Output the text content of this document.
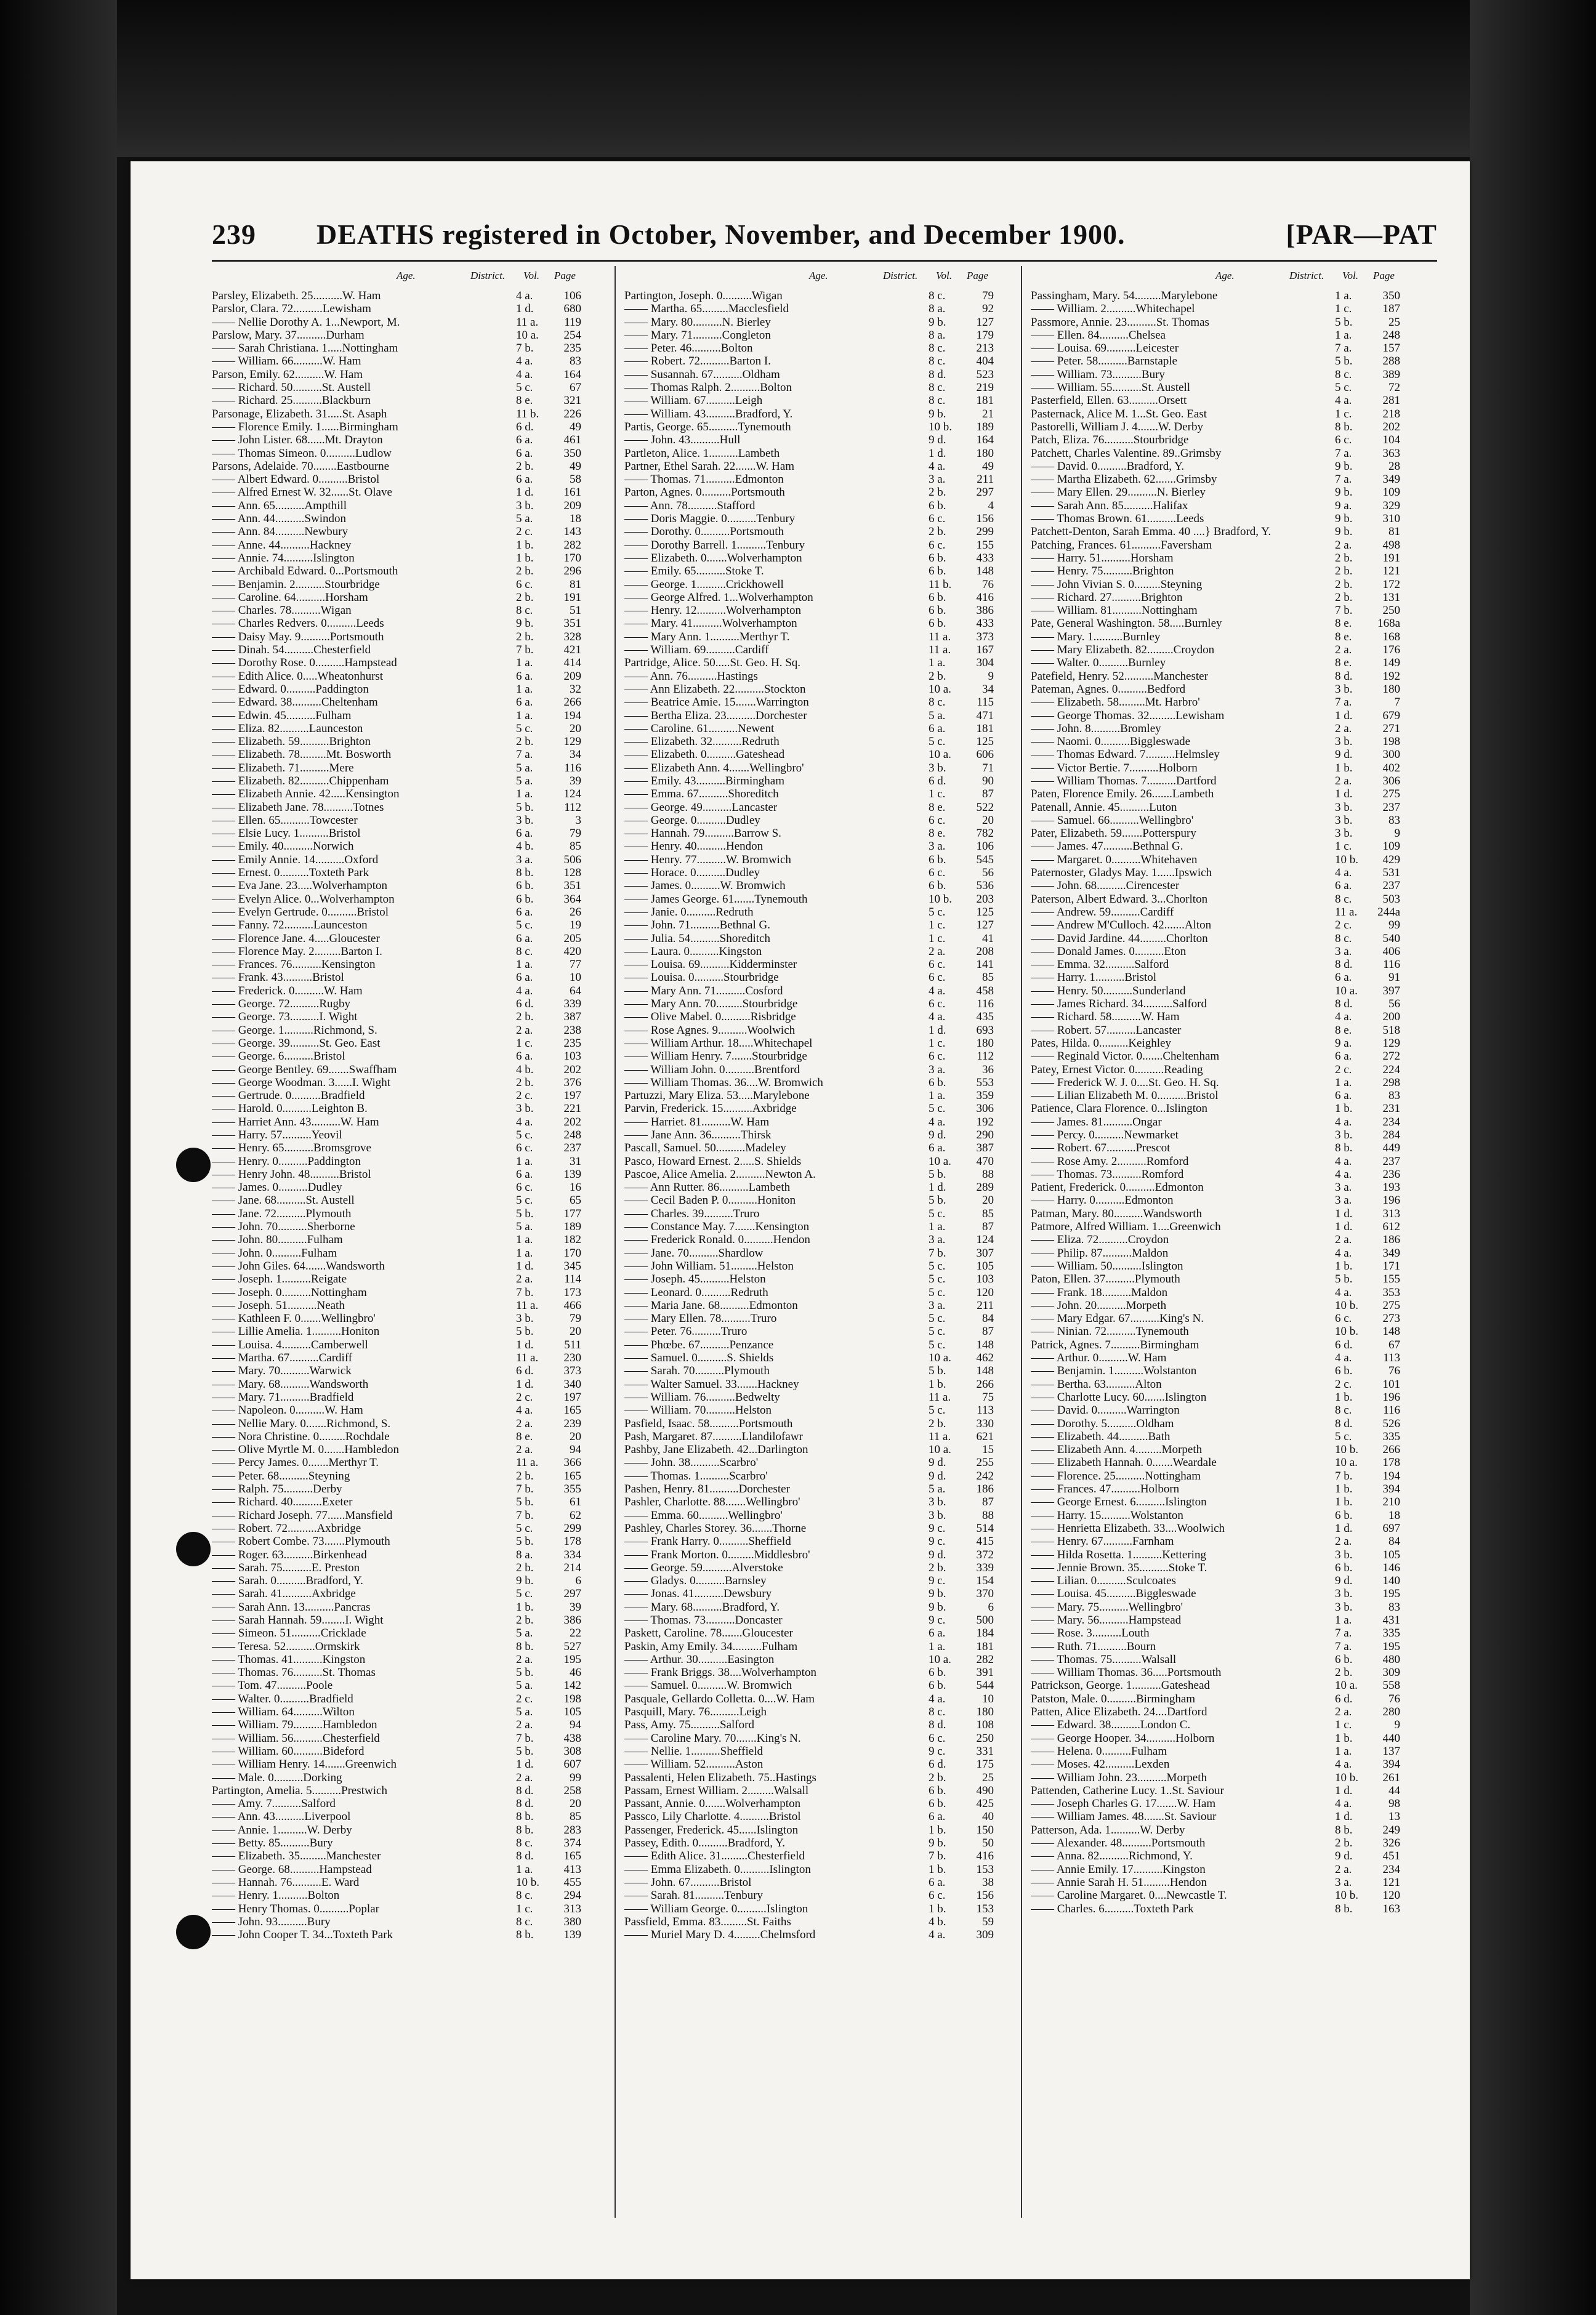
239 DEATHS registered in October, November, and December 1900.	[PAR—PAT
Age.	District. Vol. Page
Parsley, Elizabeth. 25..........W. Ham	4 a.	106
Parslor, Clara. 72..........Lewisham	1 d.	680
—— Nellie Dorothy A. 1...Newport, M.	11 a.	119
Parslow, Mary. 37..........Durham	10 a.	254
—— Sarah Christiana. 1.....Nottingham	7 b.	235
—— William. 66..........W. Ham	4 a.	83
Parson, Emily. 62..........W. Ham	4 a.	164
—— Richard. 50..........St. Austell	5 c.	67
—— Richard. 25..........Blackburn	8 e.	321
Parsonage, Elizabeth. 31.....St. Asaph	11 b.	226
—— Florence Emily. 1......Birmingham	6 d.	49
—— John Lister. 68......Mt. Drayton	6 a.	461
—— Thomas Simeon. 0..........Ludlow	6 a.	350
Parsons, Adelaide. 70........Eastbourne	2 b.	49
—— Albert Edward. 0..........Bristol	6 a.	58
—— Alfred Ernest W. 32......St. Olave	1 d.	161
—— Ann. 65..........Ampthill	3 b.	209
—— Ann. 44..........Swindon	5 a.	18
—— Ann. 84..........Newbury	2 c.	143
—— Anne. 44..........Hackney	1 b.	282
—— Annie. 74..........Islington	1 b.	170
—— Archibald Edward. 0...Portsmouth	2 b.	296
—— Benjamin. 2..........Stourbridge	6 c.	81
—— Caroline. 64..........Horsham	2 b.	191
—— Charles. 78..........Wigan	8 c.	51
—— Charles Redvers. 0..........Leeds	9 b.	351
—— Daisy May. 9..........Portsmouth	2 b.	328
—— Dinah. 54..........Chesterfield	7 b.	421
—— Dorothy Rose. 0..........Hampstead	1 a.	414
—— Edith Alice. 0.....Wheatonhurst	6 a.	209
—— Edward. 0..........Paddington	1 a.	32
—— Edward. 38..........Cheltenham	6 a.	266
—— Edwin. 45..........Fulham	1 a.	194
—— Eliza. 82..........Launceston	5 c.	20
—— Elizabeth. 59..........Brighton	2 b.	129
—— Elizabeth. 78.........Mt. Bosworth	7 a.	34
—— Elizabeth. 71..........Mere	5 a.	116
—— Elizabeth. 82..........Chippenham	5 a.	39
—— Elizabeth Annie. 42.....Kensington	1 a.	124
—— Elizabeth Jane. 78..........Totnes	5 b.	112
—— Ellen. 65..........Towcester	3 b.	3
—— Elsie Lucy. 1..........Bristol	6 a.	79
—— Emily. 40..........Norwich	4 b.	85
—— Emily Annie. 14..........Oxford	3 a.	506
—— Ernest. 0..........Toxteth Park	8 b.	128
—— Eva Jane. 23.....Wolverhampton	6 b.	351
—— Evelyn Alice. 0...Wolverhampton	6 b.	364
—— Evelyn Gertrude. 0..........Bristol	6 a.	26
—— Fanny. 72..........Launceston	5 c.	19
—— Florence Jane. 4.....Gloucester	6 a.	205
—— Florence May. 2.........Barton I.	8 c.	420
—— Frances. 76..........Kensington	1 a.	77
—— Frank. 43..........Bristol	6 a.	10
—— Frederick. 0..........W. Ham	4 a.	64
—— George. 72..........Rugby	6 d.	339
—— George. 73..........I. Wight	2 b.	387
—— George. 1..........Richmond, S.	2 a.	238
—— George. 39..........St. Geo. East	1 c.	235
—— George. 6..........Bristol	6 a.	103
—— George Bentley. 69.......Swaffham	4 b.	202
—— George Woodman. 3......I. Wight	2 b.	376
—— Gertrude. 0..........Bradfield	2 c.	197
—— Harold. 0..........Leighton B.	3 b.	221
—— Harriet Ann. 43..........W. Ham	4 a.	202
—— Harry. 57..........Yeovil	5 c.	248
—— Henry. 65..........Bromsgrove	6 c.	237
—— Henry. 0..........Paddington	1 a.	31
—— Henry John. 48..........Bristol	6 a.	139
—— James. 0..........Dudley	6 c.	16
—— Jane. 68..........St. Austell	5 c.	65
—— Jane. 72..........Plymouth	5 b.	177
—— John. 70..........Sherborne	5 a.	189
—— John. 80..........Fulham	1 a.	182
—— John. 0..........Fulham	1 a.	170
—— John Giles. 64.......Wandsworth	1 d.	345
—— Joseph. 1..........Reigate	2 a.	114
—— Joseph. 0..........Nottingham	7 b.	173
—— Joseph. 51..........Neath	11 a.	466
—— Kathleen F. 0.......Wellingbro'	3 b.	79
—— Lillie Amelia. 1..........Honiton	5 b.	20
—— Louisa. 4..........Camberwell	1 d.	511
—— Martha. 67..........Cardiff	11 a.	230
—— Mary. 70..........Warwick	6 d.	373
—— Mary. 68..........Wandsworth	1 d.	340
—— Mary. 71..........Bradfield	2 c.	197
—— Napoleon. 0..........W. Ham	4 a.	165
—— Nellie Mary. 0.......Richmond, S.	2 a.	239
—— Nora Christine. 0.........Rochdale	8 e.	20
—— Olive Myrtle M. 0.......Hambledon	2 a.	94
—— Percy James. 0.......Merthyr T.	11 a.	366
—— Peter. 68..........Steyning	2 b.	165
—— Ralph. 75..........Derby	7 b.	355
—— Richard. 40..........Exeter	5 b.	61
—— Richard Joseph. 77......Mansfield	7 b.	62
—— Robert. 72..........Axbridge	5 c.	299
—— Robert Combe. 73.......Plymouth	5 b.	178
—— Roger. 63..........Birkenhead	8 a.	334
—— Sarah. 75..........E. Preston	2 b.	214
—— Sarah. 0..........Bradford, Y.	9 b.	6
—— Sarah. 41..........Axbridge	5 c.	297
—— Sarah Ann. 13..........Pancras	1 b.	39
—— Sarah Hannah. 59........I. Wight	2 b.	386
—— Simeon. 51..........Cricklade	5 a.	22
—— Teresa. 52..........Ormskirk	8 b.	527
—— Thomas. 41..........Kingston	2 a.	195
—— Thomas. 76..........St. Thomas	5 b.	46
—— Tom. 47..........Poole	5 a.	142
—— Walter. 0..........Bradfield	2 c.	198
—— William. 64..........Wilton	5 a.	105
—— William. 79..........Hambledon	2 a.	94
—— William. 56..........Chesterfield	7 b.	438
—— William. 60..........Bideford	5 b.	308
—— William Henry. 14.......Greenwich	1 d.	607
—— Male. 0..........Dorking	2 a.	99
Partington, Amelia. 5..........Prestwich	8 d.	258
—— Amy. 7..........Salford	8 d.	20
—— Ann. 43..........Liverpool	8 b.	85
—— Annie. 1..........W. Derby	8 b.	283
—— Betty. 85..........Bury	8 c.	374
—— Elizabeth. 35.........Manchester	8 d.	165
—— George. 68..........Hampstead	1 a.	413
—— Hannah. 76..........E. Ward	10 b.	455
—— Henry. 1..........Bolton	8 c.	294
—— Henry Thomas. 0..........Poplar	1 c.	313
—— John. 93..........Bury	8 c.	380
—— John Cooper T. 34...Toxteth Park	8 b.	139
Age.	District. Vol. Page
Partington, Joseph. 0..........Wigan	8 c.	79
—— Martha. 65.........Macclesfield	8 a.	92
—— Mary. 80..........N. Bierley	9 b.	127
—— Mary. 71..........Congleton	8 a.	179
—— Peter. 46..........Bolton	8 c.	213
—— Robert. 72..........Barton I.	8 c.	404
—— Susannah. 67..........Oldham	8 d.	523
—— Thomas Ralph. 2..........Bolton	8 c.	219
—— William. 67..........Leigh	8 c.	181
—— William. 43..........Bradford, Y.	9 b.	21
Partis, George. 65..........Tynemouth	10 b.	189
—— John. 43..........Hull	9 d.	164
Partleton, Alice. 1..........Lambeth	1 d.	180
Partner, Ethel Sarah. 22.......W. Ham	4 a.	49
—— Thomas. 71..........Edmonton	3 a.	211
Parton, Agnes. 0..........Portsmouth	2 b.	297
—— Ann. 78..........Stafford	6 b.	4
—— Doris Maggie. 0..........Tenbury	6 c.	156
—— Dorothy. 0..........Portsmouth	2 b.	299
—— Dorothy Barrell. 1..........Tenbury	6 c.	155
—— Elizabeth. 0.......Wolverhampton	6 b.	433
—— Emily. 65..........Stoke T.	6 b.	148
—— George. 1..........Crickhowell	11 b.	76
—— George Alfred. 1...Wolverhampton	6 b.	416
—— Henry. 12..........Wolverhampton	6 b.	386
—— Mary. 41..........Wolverhampton	6 b.	433
—— Mary Ann. 1..........Merthyr T.	11 a.	373
—— William. 69..........Cardiff	11 a.	167
Partridge, Alice. 50.....St. Geo. H. Sq.	1 a.	304
—— Ann. 76..........Hastings	2 b.	9
—— Ann Elizabeth. 22..........Stockton	10 a.	34
—— Beatrice Amie. 15.......Warrington	8 c.	115
—— Bertha Eliza. 23..........Dorchester	5 a.	471
—— Caroline. 61..........Newent	6 a.	181
—— Elizabeth. 32..........Redruth	5 c.	125
—— Elizabeth. 0..........Gateshead	10 a.	606
—— Elizabeth Ann. 4.......Wellingbro'	3 b.	71
—— Emily. 43..........Birmingham	6 d.	90
—— Emma. 67..........Shoreditch	1 c.	87
—— George. 49..........Lancaster	8 e.	522
—— George. 0..........Dudley	6 c.	20
—— Hannah. 79..........Barrow S.	8 e.	782
—— Henry. 40..........Hendon	3 a.	106
—— Henry. 77..........W. Bromwich	6 b.	545
—— Horace. 0..........Dudley	6 c.	56
—— James. 0..........W. Bromwich	6 b.	536
—— James George. 61.......Tynemouth	10 b.	203
—— Janie. 0..........Redruth	5 c.	125
—— John. 71..........Bethnal G.	1 c.	127
—— Julia. 54..........Shoreditch	1 c.	41
—— Laura. 0..........Kingston	2 a.	208
—— Louisa. 69..........Kidderminster	6 c.	141
—— Louisa. 0..........Stourbridge	6 c.	85
—— Mary Ann. 71..........Cosford	4 a.	458
—— Mary Ann. 70.........Stourbridge	6 c.	116
—— Olive Mabel. 0..........Risbridge	4 a.	435
—— Rose Agnes. 9..........Woolwich	1 d.	693
—— William Arthur. 18.....Whitechapel	1 c.	180
—— William Henry. 7.......Stourbridge	6 c.	112
—— William John. 0..........Brentford	3 a.	36
—— William Thomas. 36....W. Bromwich	6 b.	553
Partuzzi, Mary Eliza. 53.....Marylebone	1 a.	359
Parvin, Frederick. 15..........Axbridge	5 c.	306
—— Harriet. 81..........W. Ham	4 a.	192
—— Jane Ann. 36..........Thirsk	9 d.	290
Pascall, Samuel. 50..........Madeley	6 a.	387
Pasco, Howard Ernest. 2.....S. Shields	10 a.	470
Pascoe, Alice Amelia. 2..........Newton A.	5 b.	88
—— Ann Rutter. 86..........Lambeth	1 d.	289
—— Cecil Baden P. 0..........Honiton	5 b.	20
—— Charles. 39..........Truro	5 c.	85
—— Constance May. 7.......Kensington	1 a.	87
—— Frederick Ronald. 0..........Hendon	3 a.	124
—— Jane. 70..........Shardlow	7 b.	307
—— John William. 51.........Helston	5 c.	105
—— Joseph. 45..........Helston	5 c.	103
—— Leonard. 0..........Redruth	5 c.	120
—— Maria Jane. 68..........Edmonton	3 a.	211
—— Mary Ellen. 78..........Truro	5 c.	84
—— Peter. 76..........Truro	5 c.	87
—— Phœbe. 67..........Penzance	5 c.	148
—— Samuel. 0..........S. Shields	10 a.	462
—— Sarah. 70..........Plymouth	5 b.	148
—— Walter Samuel. 33.......Hackney	1 b.	266
—— William. 76..........Bedwelty	11 a.	75
—— William. 70..........Helston	5 c.	113
Pasfield, Isaac. 58..........Portsmouth	2 b.	330
Pash, Margaret. 87..........Llandilofawr	11 a.	621
Pashby, Jane Elizabeth. 42...Darlington	10 a.	15
—— John. 38..........Scarbro'	9 d.	255
—— Thomas. 1..........Scarbro'	9 d.	242
Pashen, Henry. 81..........Dorchester	5 a.	186
Pashler, Charlotte. 88.......Wellingbro'	3 b.	87
—— Emma. 60..........Wellingbro'	3 b.	88
Pashley, Charles Storey. 36.......Thorne	9 c.	514
—— Frank Harry. 0..........Sheffield	9 c.	415
—— Frank Morton. 0.........Middlesbro'	9 d.	372
—— George. 59..........Alverstoke	2 b.	339
—— Gladys. 0..........Barnsley	9 c.	154
—— Jonas. 41..........Dewsbury	9 b.	370
—— Mary. 68..........Bradford, Y.	9 b.	6
—— Thomas. 73..........Doncaster	9 c.	500
Paskett, Caroline. 78.......Gloucester	6 a.	184
Paskin, Amy Emily. 34..........Fulham	1 a.	181
—— Arthur. 30..........Easington	10 a.	282
—— Frank Briggs. 38....Wolverhampton	6 b.	391
—— Samuel. 0..........W. Bromwich	6 b.	544
Pasquale, Gellardo Colletta. 0....W. Ham	4 a.	10
Pasquill, Mary. 76..........Leigh	8 c.	180
Pass, Amy. 75..........Salford	8 d.	108
—— Caroline Mary. 70.......King's N.	6 c.	250
—— Nellie. 1..........Sheffield	9 c.	331
—— William. 52..........Aston	6 d.	175
Passalenti, Helen Elizabeth. 75..Hastings	2 b.	25
Passam, Ernest William. 2.........Walsall	6 b.	490
Passant, Annie. 0.......Wolverhampton	6 b.	425
Passco, Lily Charlotte. 4..........Bristol	6 a.	40
Passenger, Frederick. 45......Islington	1 b.	150
Passey, Edith. 0..........Bradford, Y.	9 b.	50
—— Edith Alice. 31.........Chesterfield	7 b.	416
—— Emma Elizabeth. 0..........Islington	1 b.	153
—— John. 67..........Bristol	6 a.	38
—— Sarah. 81..........Tenbury	6 c.	156
—— William George. 0..........Islington	1 b.	153
Passfield, Emma. 83.........St. Faiths	4 b.	59
—— Muriel Mary D. 4.........Chelmsford	4 a.	309
Age.	District. Vol. Page
Passingham, Mary. 54.........Marylebone	1 a.	350
—— William. 2..........Whitechapel	1 c.	187
Passmore, Annie. 23..........St. Thomas	5 b.	25
—— Ellen. 84..........Chelsea	1 a.	248
—— Louisa. 69..........Leicester	7 a.	157
—— Peter. 58..........Barnstaple	5 b.	288
—— William. 73..........Bury	8 c.	389
—— William. 55..........St. Austell	5 c.	72
Pasterfield, Ellen. 63..........Orsett	4 a.	281
Pasternack, Alice M. 1...St. Geo. East	1 c.	218
Pastorelli, William J. 4.......W. Derby	8 b.	202
Patch, Eliza. 76..........Stourbridge	6 c.	104
Patchett, Charles Valentine. 89..Grimsby	7 a.	363
—— David. 0..........Bradford, Y.	9 b.	28
—— Martha Elizabeth. 62.......Grimsby	7 a.	349
—— Mary Ellen. 29..........N. Bierley	9 b.	109
—— Sarah Ann. 85..........Halifax	9 a.	329
—— Thomas Brown. 61..........Leeds	9 b.	310
Patchett-Denton, Sarah Emma. 40 ....} Bradford, Y.	9 b.	81
Patching, Frances. 61..........Faversham	2 a.	498
—— Harry. 51..........Horsham	2 b.	191
—— Henry. 75..........Brighton	2 b.	121
—— John Vivian S. 0.........Steyning	2 b.	172
—— Richard. 27..........Brighton	2 b.	131
—— William. 81..........Nottingham	7 b.	250
Pate, General Washington. 58.....Burnley	8 e.	168a
—— Mary. 1..........Burnley	8 e.	168
—— Mary Elizabeth. 82.........Croydon	2 a.	176
—— Walter. 0..........Burnley	8 e.	149
Patefield, Henry. 52..........Manchester	8 d.	192
Pateman, Agnes. 0..........Bedford	3 b.	180
—— Elizabeth. 58.........Mt. Harbro'	7 a.	7
—— George Thomas. 32.........Lewisham	1 d.	679
—— John. 8..........Bromley	2 a.	271
—— Naomi. 0..........Biggleswade	3 b.	198
—— Thomas Edward. 7..........Helmsley	9 d.	300
—— Victor Bertie. 7..........Holborn	1 b.	402
—— William Thomas. 7..........Dartford	2 a.	306
Paten, Florence Emily. 26.......Lambeth	1 d.	275
Patenall, Annie. 45..........Luton	3 b.	237
—— Samuel. 66..........Wellingbro'	3 b.	83
Pater, Elizabeth. 59.......Potterspury	3 b.	9
—— James. 47..........Bethnal G.	1 c.	109
—— Margaret. 0..........Whitehaven	10 b.	429
Paternoster, Gladys May. 1......Ipswich	4 a.	531
—— John. 68..........Cirencester	6 a.	237
Paterson, Albert Edward. 3...Chorlton	8 c.	503
—— Andrew. 59..........Cardiff	11 a.	244a
—— Andrew M'Culloch. 42.......Alton	2 c.	99
—— David Jardine. 44.........Chorlton	8 c.	540
—— Donald James. 0..........Eton	3 a.	406
—— Emma. 32..........Salford	8 d.	116
—— Harry. 1..........Bristol	6 a.	91
—— Henry. 50..........Sunderland	10 a.	397
—— James Richard. 34..........Salford	8 d.	56
—— Richard. 58..........W. Ham	4 a.	200
—— Robert. 57..........Lancaster	8 e.	518
Pates, Hilda. 0..........Keighley	9 a.	129
—— Reginald Victor. 0.......Cheltenham	6 a.	272
Patey, Ernest Victor. 0..........Reading	2 c.	224
—— Frederick W. J. 0....St. Geo. H. Sq.	1 a.	298
—— Lilian Elizabeth M. 0..........Bristol	6 a.	83
Patience, Clara Florence. 0...Islington	1 b.	231
—— James. 81..........Ongar	4 a.	234
—— Percy. 0..........Newmarket	3 b.	284
—— Robert. 67..........Prescot	8 b.	449
—— Rose Amy. 2..........Romford	4 a.	237
—— Thomas. 73..........Romford	4 a.	236
Patient, Frederick. 0..........Edmonton	3 a.	193
—— Harry. 0..........Edmonton	3 a.	196
Patman, Mary. 80..........Wandsworth	1 d.	313
Patmore, Alfred William. 1....Greenwich	1 d.	612
—— Eliza. 72..........Croydon	2 a.	186
—— Philip. 87..........Maldon	4 a.	349
—— William. 50..........Islington	1 b.	171
Paton, Ellen. 37..........Plymouth	5 b.	155
—— Frank. 18..........Maldon	4 a.	353
—— John. 20..........Morpeth	10 b.	275
—— Mary Edgar. 67..........King's N.	6 c.	273
—— Ninian. 72..........Tynemouth	10 b.	148
Patrick, Agnes. 7..........Birmingham	6 d.	67
—— Arthur. 0..........W. Ham	4 a.	113
—— Benjamin. 1..........Wolstanton	6 b.	76
—— Bertha. 63..........Alton	2 c.	101
—— Charlotte Lucy. 60.......Islington	1 b.	196
—— David. 0..........Warrington	8 c.	116
—— Dorothy. 5..........Oldham	8 d.	526
—— Elizabeth. 44..........Bath	5 c.	335
—— Elizabeth Ann. 4.........Morpeth	10 b.	266
—— Elizabeth Hannah. 0.......Weardale	10 a.	178
—— Florence. 25..........Nottingham	7 b.	194
—— Frances. 47..........Holborn	1 b.	394
—— George Ernest. 6..........Islington	1 b.	210
—— Harry. 15..........Wolstanton	6 b.	18
—— Henrietta Elizabeth. 33....Woolwich	1 d.	697
—— Henry. 67..........Farnham	2 a.	84
—— Hilda Rosetta. 1..........Kettering	3 b.	105
—— Jennie Brown. 35..........Stoke T.	6 b.	146
—— Lilian. 0..........Sculcoates	9 d.	140
—— Louisa. 45..........Biggleswade	3 b.	195
—— Mary. 75..........Wellingbro'	3 b.	83
—— Mary. 56..........Hampstead	1 a.	431
—— Rose. 3..........Louth	7 a.	335
—— Ruth. 71..........Bourn	7 a.	195
—— Thomas. 75..........Walsall	6 b.	480
—— William Thomas. 36.....Portsmouth	2 b.	309
Patrickson, George. 1..........Gateshead	10 a.	558
Patston, Male. 0..........Birmingham	6 d.	76
Patten, Alice Elizabeth. 24....Dartford	2 a.	280
—— Edward. 38..........London C.	1 c.	9
—— George Hooper. 34..........Holborn	1 b.	440
—— Helena. 0..........Fulham	1 a.	137
—— Moses. 42..........Lexden	4 a.	394
—— William John. 23..........Morpeth	10 b.	261
Pattenden, Catherine Lucy. 1..St. Saviour	1 d.	44
—— Joseph Charles G. 17.......W. Ham	4 a.	98
—— William James. 48.......St. Saviour	1 d.	13
Patterson, Ada. 1..........W. Derby	8 b.	249
—— Alexander. 48..........Portsmouth	2 b.	326
—— Anna. 82..........Richmond, Y.	9 d.	451
—— Annie Emily. 17..........Kingston	2 a.	234
—— Annie Sarah H. 51.........Hendon	3 a.	121
—— Caroline Margaret. 0....Newcastle T.	10 b.	120
—— Charles. 6..........Toxteth Park	8 b.	163
